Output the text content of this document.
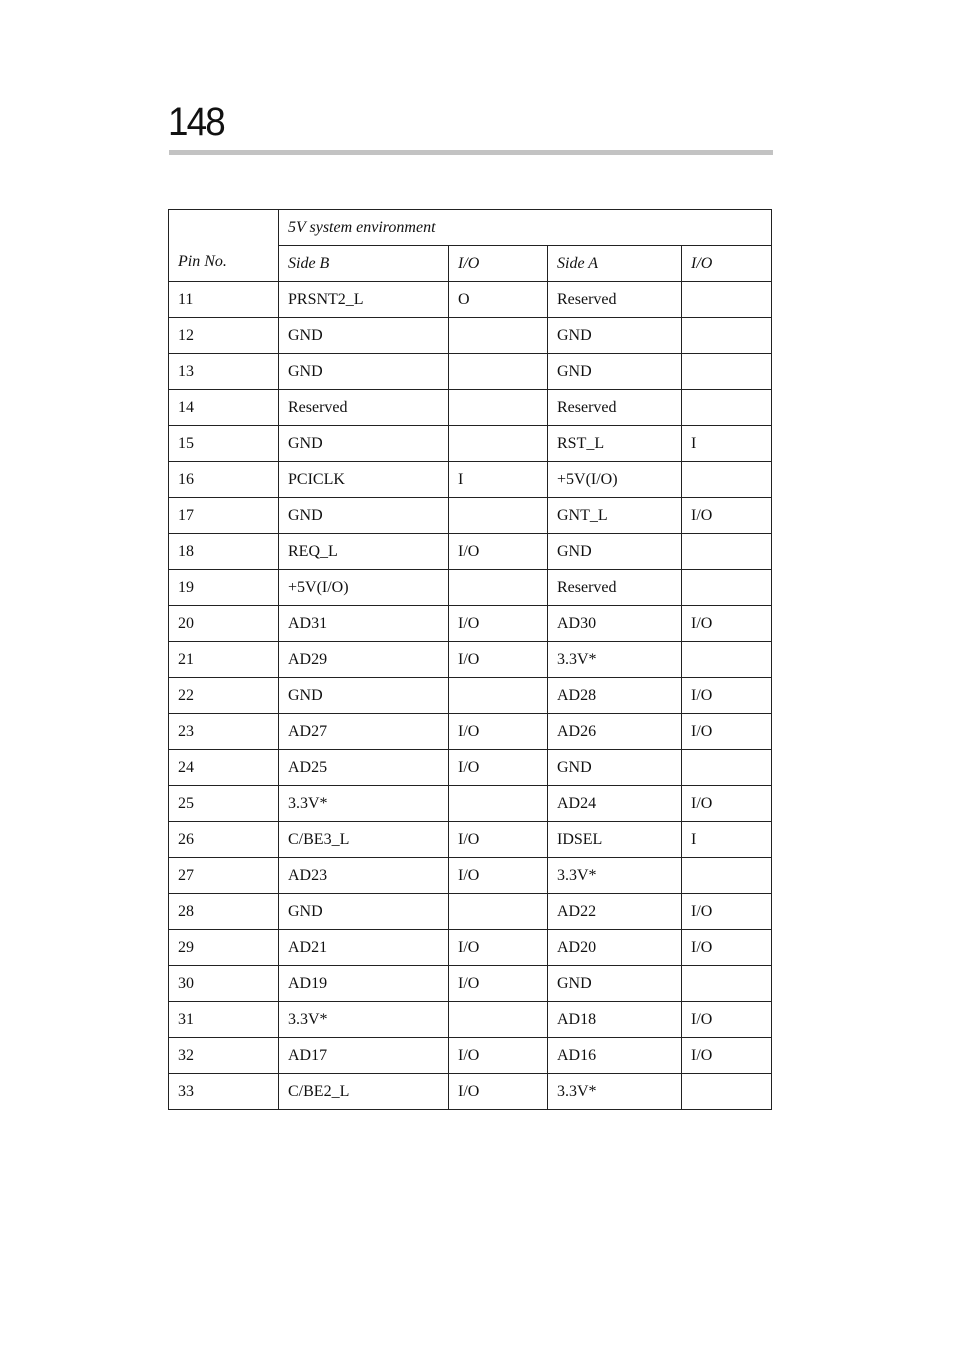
148
Pin No.	5V system environment			
	Side B	I/O	Side A	I/O
11	PRSNT2_L	O	Reserved	
12	GND		GND	
13	GND		GND	
14	Reserved		Reserved	
15	GND		RST_L	I
16	PCICLK	I	+5V(I/O)	
17	GND		GNT_L	I/O
18	REQ_L	I/O	GND	
19	+5V(I/O)		Reserved	
20	AD31	I/O	AD30	I/O
21	AD29	I/O	3.3V*	
22	GND		AD28	I/O
23	AD27	I/O	AD26	I/O
24	AD25	I/O	GND	
25	3.3V*		AD24	I/O
26	C/BE3_L	I/O	IDSEL	I
27	AD23	I/O	3.3V*	
28	GND		AD22	I/O
29	AD21	I/O	AD20	I/O
30	AD19	I/O	GND	
31	3.3V*		AD18	I/O
32	AD17	I/O	AD16	I/O
33	C/BE2_L	I/O	3.3V*	
